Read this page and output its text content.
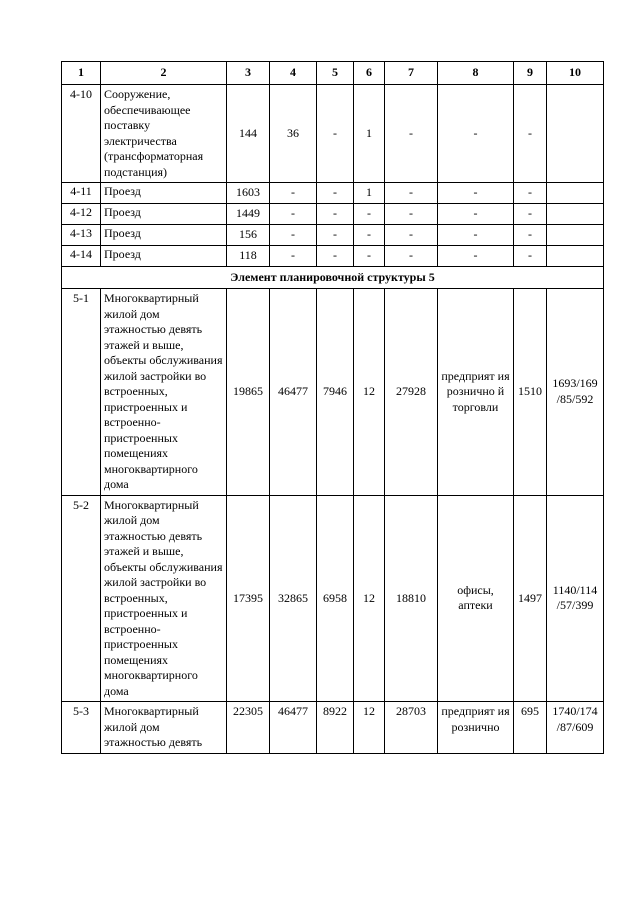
1	2	3	4	5	6	7	8	9	10
4-10	Сооружение, обеспечивающее поставку электричества (трансформаторная подстанция)	144	36	-	1	-	-	-	
4-11	Проезд	1603	-	-	1	-	-	-	
4-12	Проезд	1449	-	-	-	-	-	-	
4-13	Проезд	156	-	-	-	-	-	-	
4-14	Проезд	118	-	-	-	-	-	-	
Элемент планировочной структуры 5									
5-1	Многоквартирный жилой дом этажностью девять этажей и выше, объекты обслуживания жилой застройки во встроенных, пристроенных и встроенно-пристроенных помещениях многоквартирного дома	19865	46477	7946	12	27928	предприят ия рознично й торговли	1510	1693/169 /85/592
5-2	Многоквартирный жилой дом этажностью девять этажей и выше, объекты обслуживания жилой застройки во встроенных, пристроенных и встроенно-пристроенных помещениях многоквартирного дома	17395	32865	6958	12	18810	офисы, аптеки	1497	1140/114 /57/399
5-3	Многоквартирный жилой дом этажностью девять	22305	46477	8922	12	28703	предприят ия рознично	695	1740/174 /87/609
